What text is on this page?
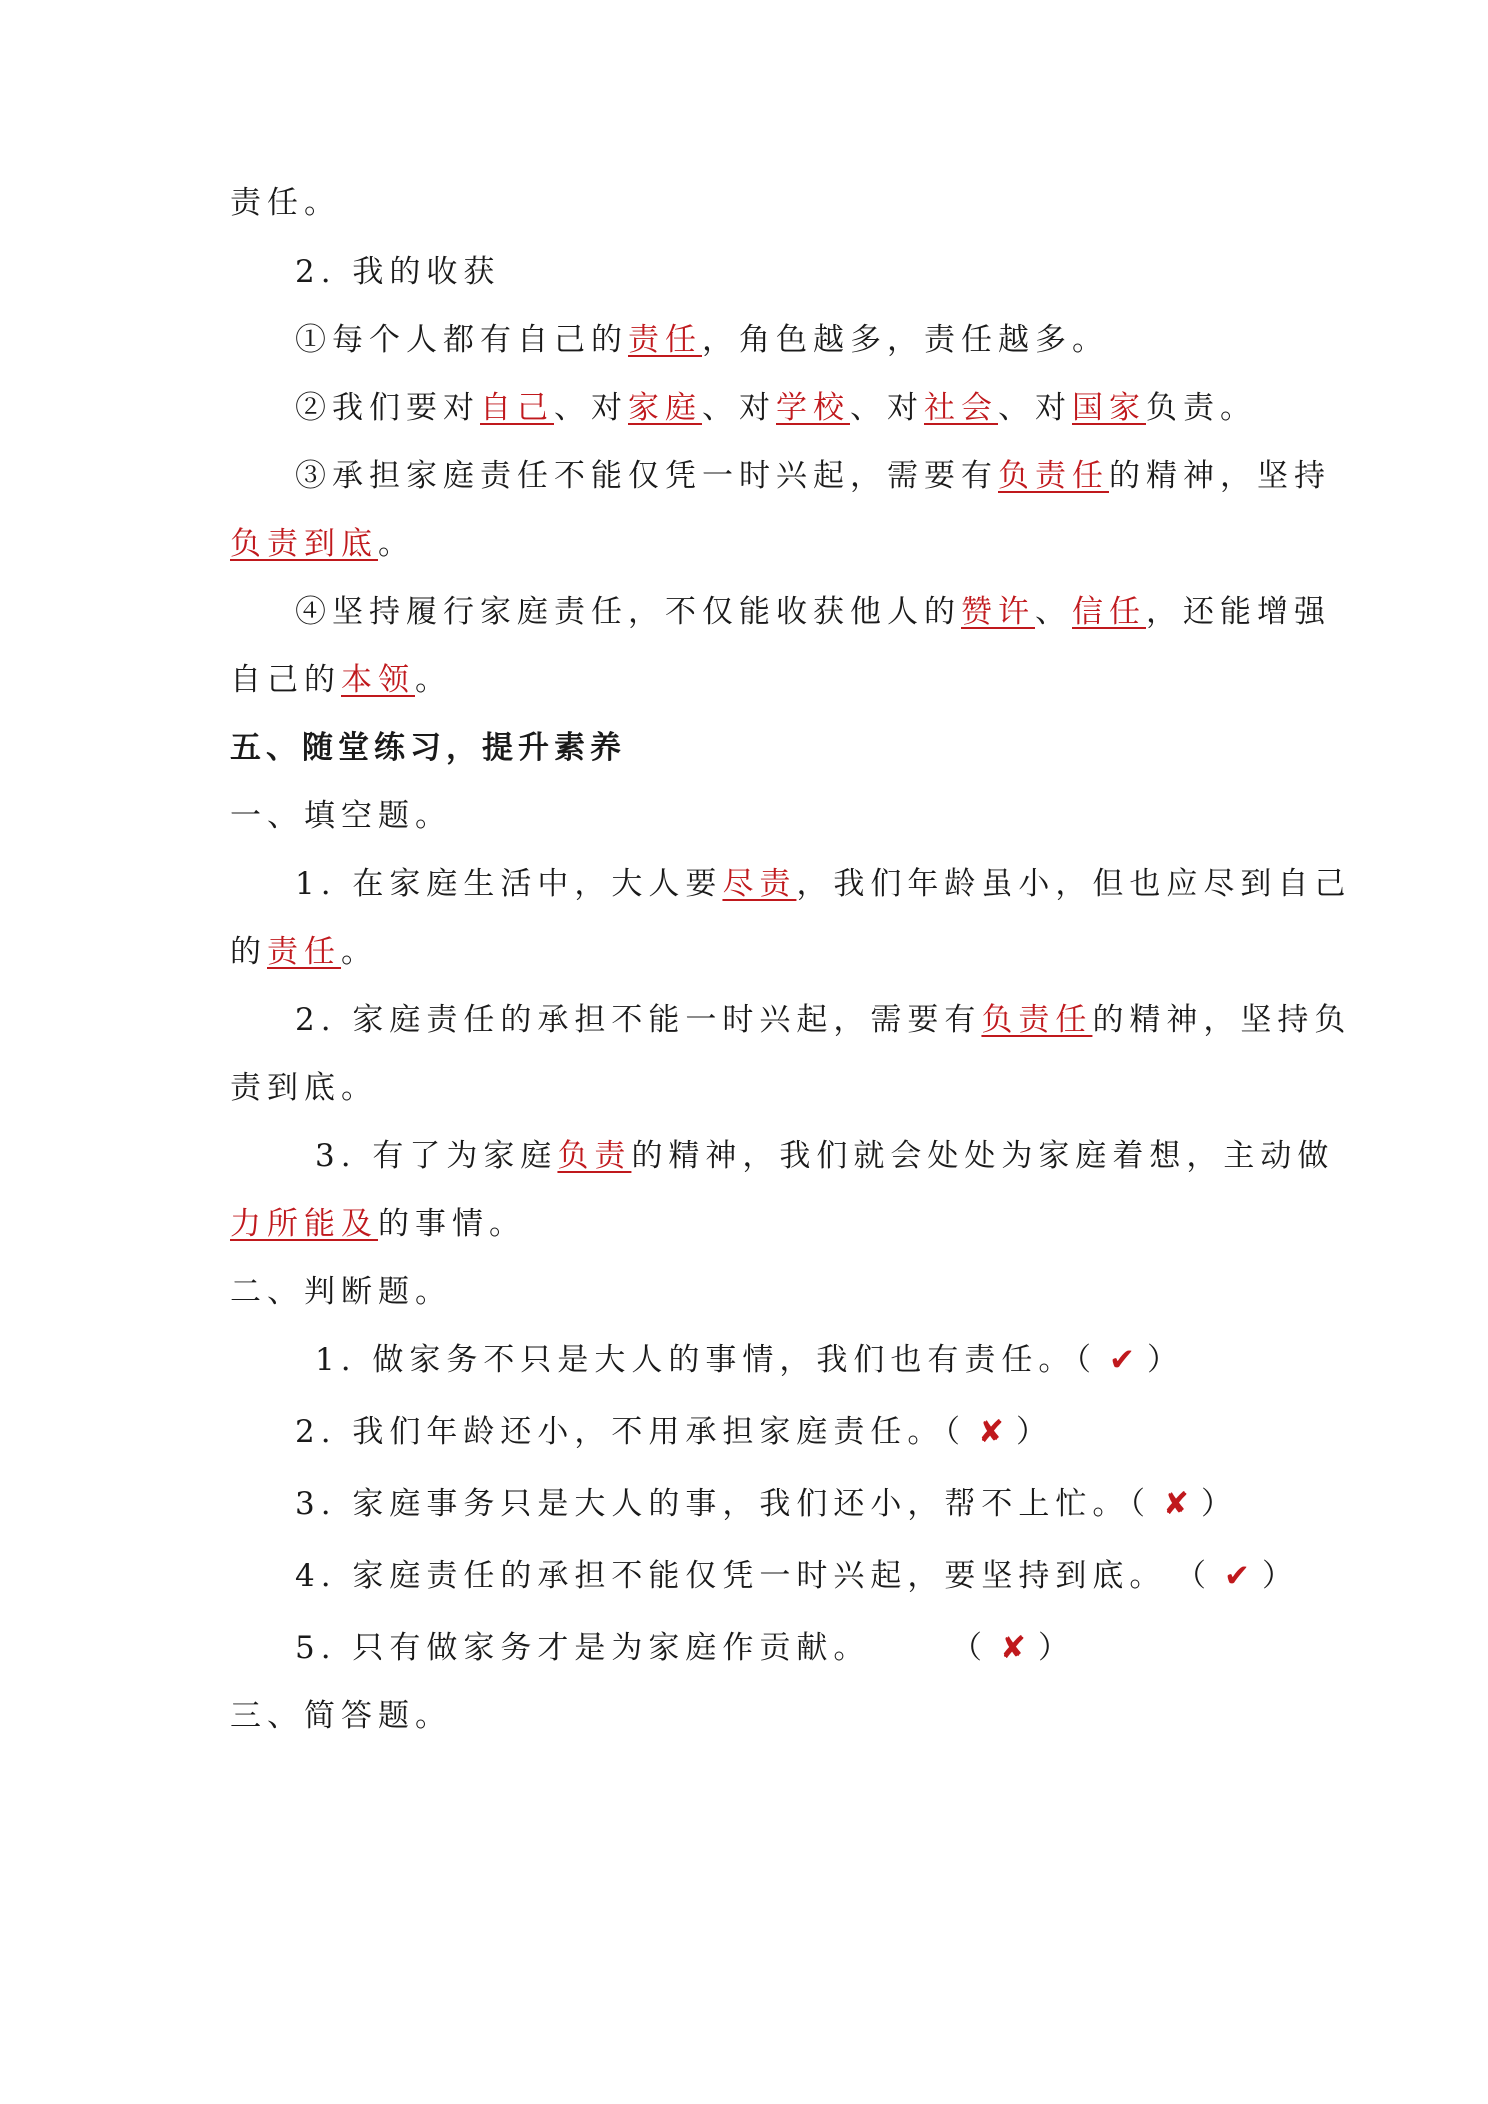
责任。
2. 我的收获
①每个人都有自己的责任，角色越多，责任越多。
②我们要对自己、对家庭、对学校、对社会、对国家负责。
③承担家庭责任不能仅凭一时兴起，需要有负责任的精神，坚持
负责到底。
④坚持履行家庭责任，不仅能收获他人的赞许、信任，还能增强
自己的本领。
五、随堂练习，提升素养
一、填空题。
1. 在家庭生活中，大人要尽责，我们年龄虽小，但也应尽到自己
的责任。
2. 家庭责任的承担不能一时兴起，需要有负责任的精神，坚持负
责到底。
3. 有了为家庭负责的精神，我们就会处处为家庭着想，主动做
力所能及的事情。
二、判断题。
1. 做家务不只是大人的事情，我们也有责任。（ ✔ ）
2. 我们年龄还小，不用承担家庭责任。（ ✘ ）
3. 家庭事务只是大人的事，我们还小，帮不上忙。（ ✘ ）
4. 家庭责任的承担不能仅凭一时兴起，要坚持到底。 （ ✔ ）
5. 只有做家务才是为家庭作贡献。	（ ✘ ）
三、简答题。
